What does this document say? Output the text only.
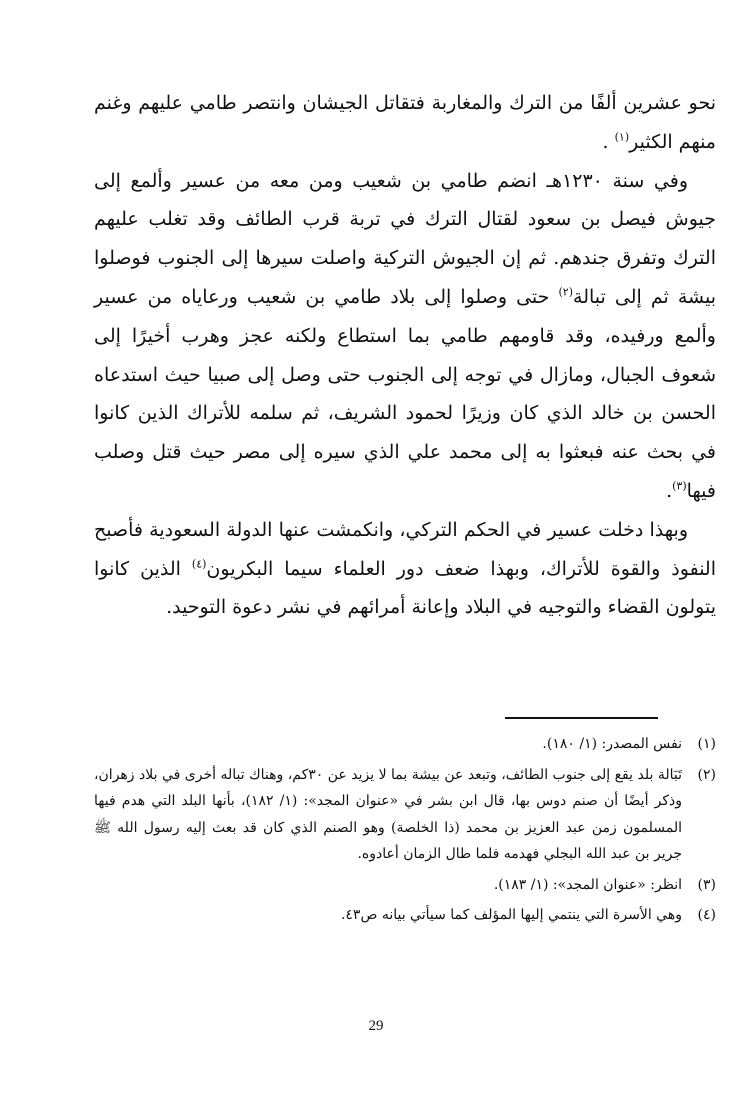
نحو عشرين ألفًا من الترك والمغاربة فتقاتل الجيشان وانتصر طامي عليهم وغنم منهم الكثير$^{(١)}$ .

وفي سنة ١٢٣٠هـ انضم طامي بن شعيب ومن معه من عسير وألمع إلى جيوش فيصل بن سعود لقتال الترك في تربة قرب الطائف وقد تغلب عليهم الترك وتفرق جندهم. ثم إن الجيوش التركية واصلت سيرها إلى الجنوب فوصلوا بيشة ثم إلى تبالة$^{(٢)}$ حتى وصلوا إلى بلاد طامي بن شعيب ورعاياه من عسير وألمع ورفيده، وقد قاومهم طامي بما استطاع ولكنه عجز وهرب أخيرًا إلى شعوف الجبال، ومازال في توجه إلى الجنوب حتى وصل إلى صبيا حيث استدعاه الحسن بن خالد الذي كان وزيرًا لحمود الشريف، ثم سلمه للأتراك الذين كانوا في بحث عنه فبعثوا به إلى محمد علي الذي سيره إلى مصر حيث قتل وصلب فيها$^{(٣)}$.

وبهذا دخلت عسير في الحكم التركي، وانكمشت عنها الدولة السعودية فأصبح النفوذ والقوة للأتراك، وبهذا ضعف دور العلماء سيما البكريون$^{(٤)}$ الذين كانوا يتولون القضاء والتوجيه في البلاد وإعانة أمرائهم في نشر دعوة التوحيد.

(١)
نفس المصدر: (١/ ١٨٠).
(٢)
تَبَالة بلد يقع إلى جنوب الطائف، وتبعد عن بيشة بما لا يزيد عن ٣٠كم، وهناك تباله أخرى في بلاد زهران، وذكر أيضًا أن صنم دوس بها، قال ابن بشر في «عنوان المجد»: (١/ ١٨٢)، بأنها البلد التي هدم فيها المسلمون زمن عبد العزيز بن محمد (ذا الخلصة) وهو الصنم الذي كان قد بعث إليه رسول الله ﷺ جرير بن عبد الله البجلي فهدمه فلما طال الزمان أعادوه.
(٣)
انظر: «عنوان المجد»: (١/ ١٨٣).
(٤)
وهي الأسرة التي ينتمي إليها المؤلف كما سيأتي بيانه ص٤٣.
29
